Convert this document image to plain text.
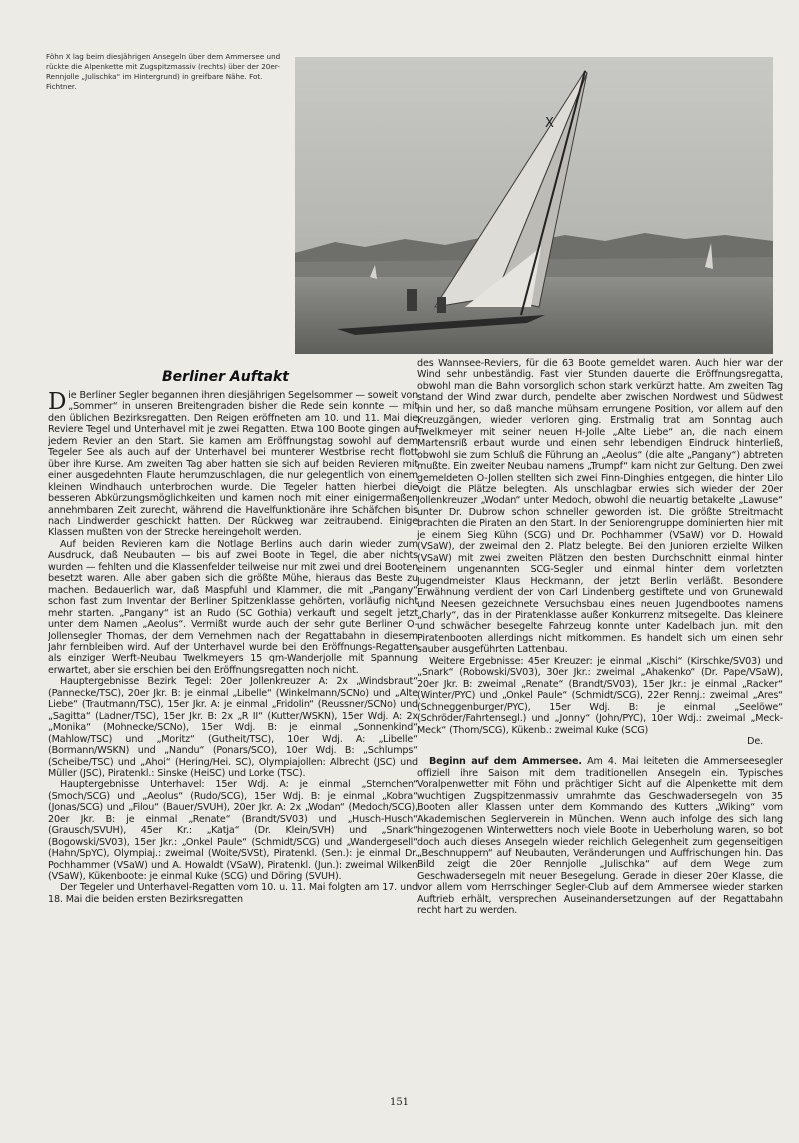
Föhn X lag beim diesjährigen Ansegeln über dem Ammersee und rückte die Alpenkette mit Zugspitzmassiv (rechts) über der 20er-Rennjolle „Julischka“ im Hintergrund) in greifbare Nähe. Fot. Fichtner.
X
Berliner Auftakt

Die Berliner Segler begannen ihren diesjährigen Segelsommer — soweit von „Sommer“ in unseren Breitengraden bisher die Rede sein konnte — mit den üblichen Bezirksregatten. Den Reigen eröffneten am 10. und 11. Mai die Reviere Tegel und Unterhavel mit je zwei Regatten. Etwa 100 Boote gingen auf jedem Revier an den Start. Sie kamen am Eröffnungstag sowohl auf dem Tegeler See als auch auf der Unterhavel bei munterer Westbrise recht flott über ihre Kurse. Am zweiten Tag aber hatten sie sich auf beiden Revieren mit einer ausgedehnten Flaute herumzuschlagen, die nur gelegentlich von einem kleinen Windhauch unterbrochen wurde. Die Tegeler hatten hierbei die besseren Abkürzungsmöglichkeiten und kamen noch mit einer einigermaßen annehmbaren Zeit zurecht, während die Havelfunktionäre ihre Schäfchen bis nach Lindwerder geschickt hatten. Der Rückweg war zeitraubend. Einige Klassen mußten von der Strecke hereingeholt werden.

Auf beiden Revieren kam die Notlage Berlins auch darin wieder zum Ausdruck, daß Neubauten — bis auf zwei Boote in Tegel, die aber nichts wurden — fehlten und die Klassenfelder teilweise nur mit zwei und drei Booten besetzt waren. Alle aber gaben sich die größte Mühe, hieraus das Beste zu machen. Bedauerlich war, daß Maspfuhl und Klammer, die mit „Pangany“ schon fast zum Inventar der Berliner Spitzenklasse gehörten, vorläufig nicht mehr starten. „Pangany“ ist an Rudo (SC Gothia) verkauft und segelt jetzt unter dem Namen „Aeolus“. Vermißt wurde auch der sehr gute Berliner O-Jollensegler Thomas, der dem Vernehmen nach der Regattabahn in diesem Jahr fernbleiben wird. Auf der Unterhavel wurde bei den Eröffnungs-Regatten als einziger Werft-Neubau Twelkmeyers 15 qm-Wanderjolle mit Spannung erwartet, aber sie erschien bei den Eröffnungsregatten noch nicht.

Hauptergebnisse Bezirk Tegel: 20er Jollenkreuzer A: 2x „Windsbraut“ (Pannecke/TSC), 20er Jkr. B: je einmal „Libelle“ (Winkelmann/SCNo) und „Alte Liebe“ (Trautmann/TSC), 15er Jkr. A: je einmal „Fridolin“ (Reussner/SCNo) und „Sagitta“ (Ladner/TSC), 15er Jkr. B: 2x „R II“ (Kutter/WSKN), 15er Wdj. A: 2x „Monika“ (Mohnecke/SCNo), 15er Wdj. B: je einmal „Sonnenkind“ (Mahlow/TSC) und „Moritz“ (Gutheit/TSC), 10er Wdj. A: „Libelle“ (Bormann/WSKN) und „Nandu“ (Ponars/SCO), 10er Wdj. B: „Schlumps“ (Scheibe/TSC) und „Ahoi“ (Hering/Hei. SC), Olympiajollen: Albrecht (JSC) und Müller (JSC), Piratenkl.: Sinske (HeiSC) und Lorke (TSC).

Hauptergebnisse Unterhavel: 15er Wdj. A: je einmal „Sternchen“ (Smoch/SCG) und „Aeolus“ (Rudo/SCG), 15er Wdj. B: je einmal „Kobra“ (Jonas/SCG) und „Filou“ (Bauer/SVUH), 20er Jkr. A: 2x „Wodan“ (Medoch/SCG), 20er Jkr. B: je einmal „Renate“ (Brandt/SV03) und „Husch-Husch“ (Grausch/SVUH), 45er Kr.: „Katja“ (Dr. Klein/SVH) und „Snark“ (Bogowski/SV03), 15er Jkr.: „Onkel Paule“ (Schmidt/SCG) und „Wandergesell“ (Hahn/SpYC), Olympiaj.: zweimal (Woite/SVSt), Piratenkl. (Sen.): je einmal Dr. Pochhammer (VSaW) und A. Howaldt (VSaW), Piratenkl. (Jun.): zweimal Wilken (VSaW), Kükenboote: je einmal Kuke (SCG) und Döring (SVUH).

Der Tegeler und Unterhavel-Regatten vom 10. u. 11. Mai folgten am 17. und 18. Mai die beiden ersten Bezirksregatten

des Wannsee-Reviers, für die 63 Boote gemeldet waren. Auch hier war der Wind sehr unbeständig. Fast vier Stunden dauerte die Eröffnungsregatta, obwohl man die Bahn vorsorglich schon stark verkürzt hatte. Am zweiten Tag stand der Wind zwar durch, pendelte aber zwischen Nordwest und Südwest hin und her, so daß manche mühsam errungene Position, vor allem auf den Kreuzgängen, wieder verloren ging. Erstmalig trat am Sonntag auch Twelkmeyer mit seiner neuen H-Jolle „Alte Liebe“ an, die nach einem Martensriß erbaut wurde und einen sehr lebendigen Eindruck hinterließ, obwohl sie zum Schluß die Führung an „Aeolus“ (die alte „Pangany“) abtreten mußte. Ein zweiter Neubau namens „Trumpf“ kam nicht zur Geltung. Den zwei gemeldeten O-Jollen stellten sich zwei Finn-Dinghies entgegen, die hinter Lilo Voigt die Plätze belegten. Als unschlagbar erwies sich wieder der 20er Jollenkreuzer „Wodan“ unter Medoch, obwohl die neuartig betakelte „Lawuse“ unter Dr. Dubrow schon schneller geworden ist. Die größte Streitmacht brachten die Piraten an den Start. In der Seniorengruppe dominierten hier mit je einem Sieg Kühn (SCG) und Dr. Pochhammer (VSaW) vor D. Howald (VSaW), der zweimal den 2. Platz belegte. Bei den Junioren erzielte Wilken (VSaW) mit zwei zweiten Plätzen den besten Durchschnitt einmal hinter einem ungenannten SCG-Segler und einmal hinter dem vorletzten Jugendmeister Klaus Heckmann, der jetzt Berlin verläßt. Besondere Erwähnung verdient der von Carl Lindenberg gestiftete und von Grunewald und Neesen gezeichnete Versuchsbau eines neuen Jugendbootes namens „Charly“, das in der Piratenklasse außer Konkurrenz mitsegelte. Das kleinere und schwächer besegelte Fahrzeug konnte unter Kadelbach jun. mit den Piratenbooten allerdings nicht mitkommen. Es handelt sich um einen sehr sauber ausgeführten Lattenbau.

Weitere Ergebnisse: 45er Kreuzer: je einmal „Kischi“ (Kirschke/SV03) und „Snark“ (Robowski/SV03), 30er Jkr.: zweimal „Ahakenko“ (Dr. Pape/VSaW), 20er Jkr. B: zweimal „Renate“ (Brandt/SV03), 15er Jkr.: je einmal „Racker“ (Winter/PYC) und „Onkel Paule“ (Schmidt/SCG), 22er Rennj.: zweimal „Ares“ (Schneggenburger/PYC), 15er Wdj. B: je einmal „Seelöwe“ (Schröder/Fahrtensegl.) und „Jonny“ (John/PYC), 10er Wdj.: zweimal „Meck-Meck“ (Thom/SCG), Kükenb.: zweimal Kuke (SCG)
De.

Beginn auf dem Ammersee. Am 4. Mai leiteten die Ammerseesegler offiziell ihre Saison mit dem traditionellen Ansegeln ein. Typisches Voralpenwetter mit Föhn und prächtiger Sicht auf die Alpenkette mit dem wuchtigen Zugspitzenmassiv umrahmte das Geschwadersegeln von 35 Booten aller Klassen unter dem Kommando des Kutters „Wiking“ vom Akademischen Seglerverein in München. Wenn auch infolge des sich lang hingezogenen Winterwetters noch viele Boote in Ueberholung waren, so bot doch auch dieses Ansegeln wieder reichlich Gelegenheit zum gegenseitigen „Beschnuppern“ auf Neubauten, Veränderungen und Auffrischungen hin. Das Bild zeigt die 20er Rennjolle „Julischka“ auf dem Wege zum Geschwadersegeln mit neuer Besegelung. Gerade in dieser 20er Klasse, die vor allem vom Herrschinger Segler-Club auf dem Ammersee wieder starken Auftrieb erhält, versprechen Auseinandersetzungen auf der Regattabahn recht hart zu werden.

151
